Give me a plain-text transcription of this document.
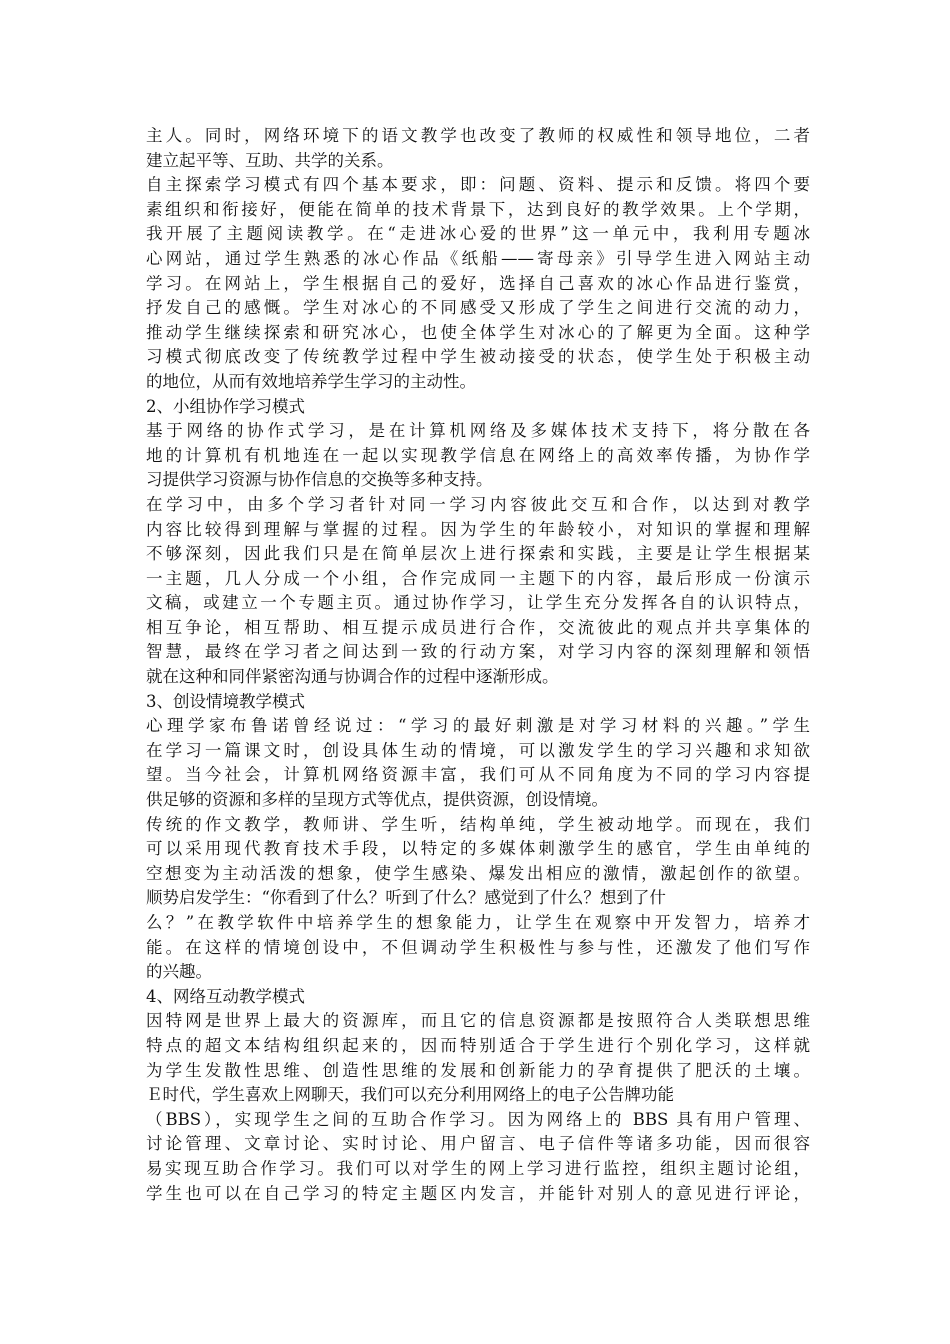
主人。同时，网络环境下的语文教学也改变了教师的权威性和领导地位，二者
建立起平等、互助、共学的关系。
自主探索学习模式有四个基本要求，即：问题、资料、提示和反馈。将四个要
素组织和衔接好，便能在简单的技术背景下，达到良好的教学效果。上个学期，
我开展了主题阅读教学。在“走进冰心爱的世界”这一单元中，我利用专题冰
心网站，通过学生熟悉的冰心作品《纸船——寄母亲》引导学生进入网站主动
学习。在网站上，学生根据自己的爱好，选择自己喜欢的冰心作品进行鉴赏，
抒发自己的感慨。学生对冰心的不同感受又形成了学生之间进行交流的动力，
推动学生继续探索和研究冰心，也使全体学生对冰心的了解更为全面。这种学
习模式彻底改变了传统教学过程中学生被动接受的状态，使学生处于积极主动
的地位，从而有效地培养学生学习的主动性。
2、小组协作学习模式
基于网络的协作式学习，是在计算机网络及多媒体技术支持下，将分散在各
地的计算机有机地连在一起以实现教学信息在网络上的高效率传播，为协作学
习提供学习资源与协作信息的交换等多种支持。
在学习中，由多个学习者针对同一学习内容彼此交互和合作，以达到对教学
内容比较得到理解与掌握的过程。因为学生的年龄较小，对知识的掌握和理解
不够深刻，因此我们只是在简单层次上进行探索和实践，主要是让学生根据某
一主题，几人分成一个小组，合作完成同一主题下的内容，最后形成一份演示
文稿，或建立一个专题主页。通过协作学习，让学生充分发挥各自的认识特点，
相互争论，相互帮助、相互提示成员进行合作，交流彼此的观点并共享集体的
智慧，最终在学习者之间达到一致的行动方案，对学习内容的深刻理解和领悟
就在这种和同伴紧密沟通与协调合作的过程中逐渐形成。
3、创设情境教学模式
心理学家布鲁诺曾经说过：“学习的最好刺激是对学习材料的兴趣。”学生
在学习一篇课文时，创设具体生动的情境，可以激发学生的学习兴趣和求知欲
望。当今社会，计算机网络资源丰富，我们可从不同角度为不同的学习内容提
供足够的资源和多样的呈现方式等优点，提供资源，创设情境。
传统的作文教学，教师讲、学生听，结构单纯，学生被动地学。而现在，我们
可以采用现代教育技术手段，以特定的多媒体刺激学生的感官，学生由单纯的
空想变为主动活泼的想象，使学生感染、爆发出相应的激情，激起创作的欲望。
顺势启发学生：“你看到了什么？听到了什么？感觉到了什么？想到了什
么？”在教学软件中培养学生的想象能力，让学生在观察中开发智力，培养才
能。在这样的情境创设中，不但调动学生积极性与参与性，还激发了他们写作
的兴趣。
4、网络互动教学模式
因特网是世界上最大的资源库，而且它的信息资源都是按照符合人类联想思维
特点的超文本结构组织起来的，因而特别适合于学生进行个别化学习，这样就
为学生发散性思维、创造性思维的发展和创新能力的孕育提供了肥沃的土壤。
Ｅ时代，学生喜欢上网聊天，我们可以充分利用网络上的电子公告牌功能
（BBS），实现学生之间的互助合作学习。因为网络上的 BBS 具有用户管理、
讨论管理、文章讨论、实时讨论、用户留言、电子信件等诸多功能，因而很容
易实现互助合作学习。我们可以对学生的网上学习进行监控，组织主题讨论组，
学生也可以在自己学习的特定主题区内发言，并能针对别人的意见进行评论，
